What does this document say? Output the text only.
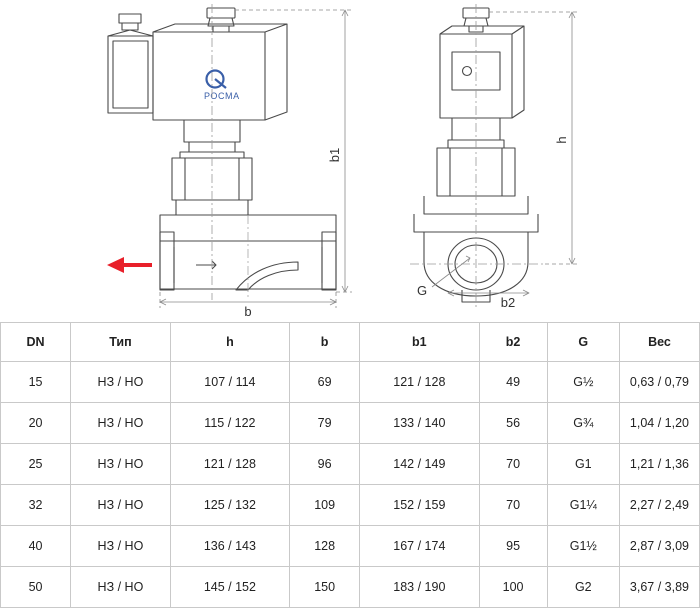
РОСМА
b1
b
h
b2
G
DN	Тип	h	b	b1	b2	G	Вес
15	НЗ / НО	107 / 114	69	121 / 128	49	G½	0,63 / 0,79
20	НЗ / НО	115 / 122	79	133 / 140	56	G¾	1,04 / 1,20
25	НЗ / НО	121 / 128	96	142 / 149	70	G1	1,21 / 1,36
32	НЗ / НО	125 / 132	109	152 / 159	70	G1¼	2,27 / 2,49
40	НЗ / НО	136 / 143	128	167 / 174	95	G1½	2,87 / 3,09
50	НЗ / НО	145 / 152	150	183 / 190	100	G2	3,67 / 3,89
